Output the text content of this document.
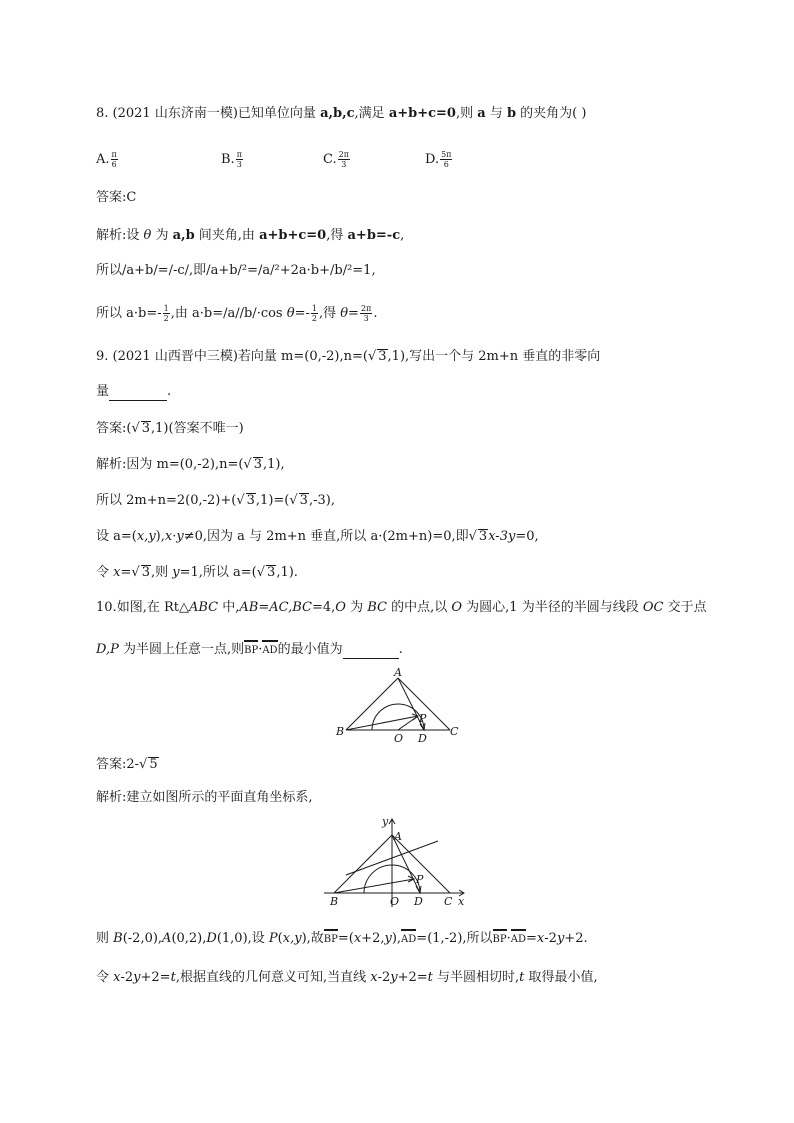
8. (2021 山东济南一模)已知单位向量 a,b,c,满足 a+b+c=0,则 a 与 b 的夹角为( )
A. $\frac{\pi}{6}$	B. $\frac{\pi}{3}$	C. $\frac{2\pi}{3}$	D. $\frac{5\pi}{6}$
答案:C
解析:设 θ 为 a,b 间夹角,由 a+b+c=0,得 a+b=-c,
所以/a+b/=/-c/,即/a+b/²=/a/²+2a·b+/b/²=1,
所以 $a\cdot b=- \frac{1}{2}$ ,由 a·b=/a//b/·cos $\theta=- \frac{1}{2}$ ,得 $\theta= \frac{2\pi}{3}$ .
9. (2021 山西晋中三模)若向量 m=(0,-2),n=(√ 3,1),写出一个与 2m+n 垂直的非零向
量	.
答案:(√ 3,1)(答案不唯一)
解析:因为 m=(0,-2),n=(√ 3,1),
所以 2m+n=2(0,-2)+(√ 3,1)=(√ 3,-3),
设 a=(x,y),x·y≠0,因为 a 与 2m+n 垂直,所以 a·(2m+n)=0,即√ 3x-3y=0,
令 x=√ 3,则 y=1,所以 a=(√ 3,1).
10.如图,在 Rt△ABC 中,AB=AC,BC=4,O 为 BC 的中点,以 O 为圆心,1 为半径的半圆与线段 OC 交于点
D,P 为半圆上任意一点,则BP·AD的最小值为	.
A
B	C
O D
P
答案:2-√ 5
解析:建立如图所示的平面直角坐标系,
y
A
B	O D C
P
x
则 B(-2,0),A(0,2),D(1,0),设 P(x,y),故BP=(x+2,y),AD=(1,-2),所以BP·AD=x-2y+2.
令 x-2y+2=t,根据直线的几何意义可知,当直线 x-2y+2=t 与半圆相切时,t 取得最小值,
